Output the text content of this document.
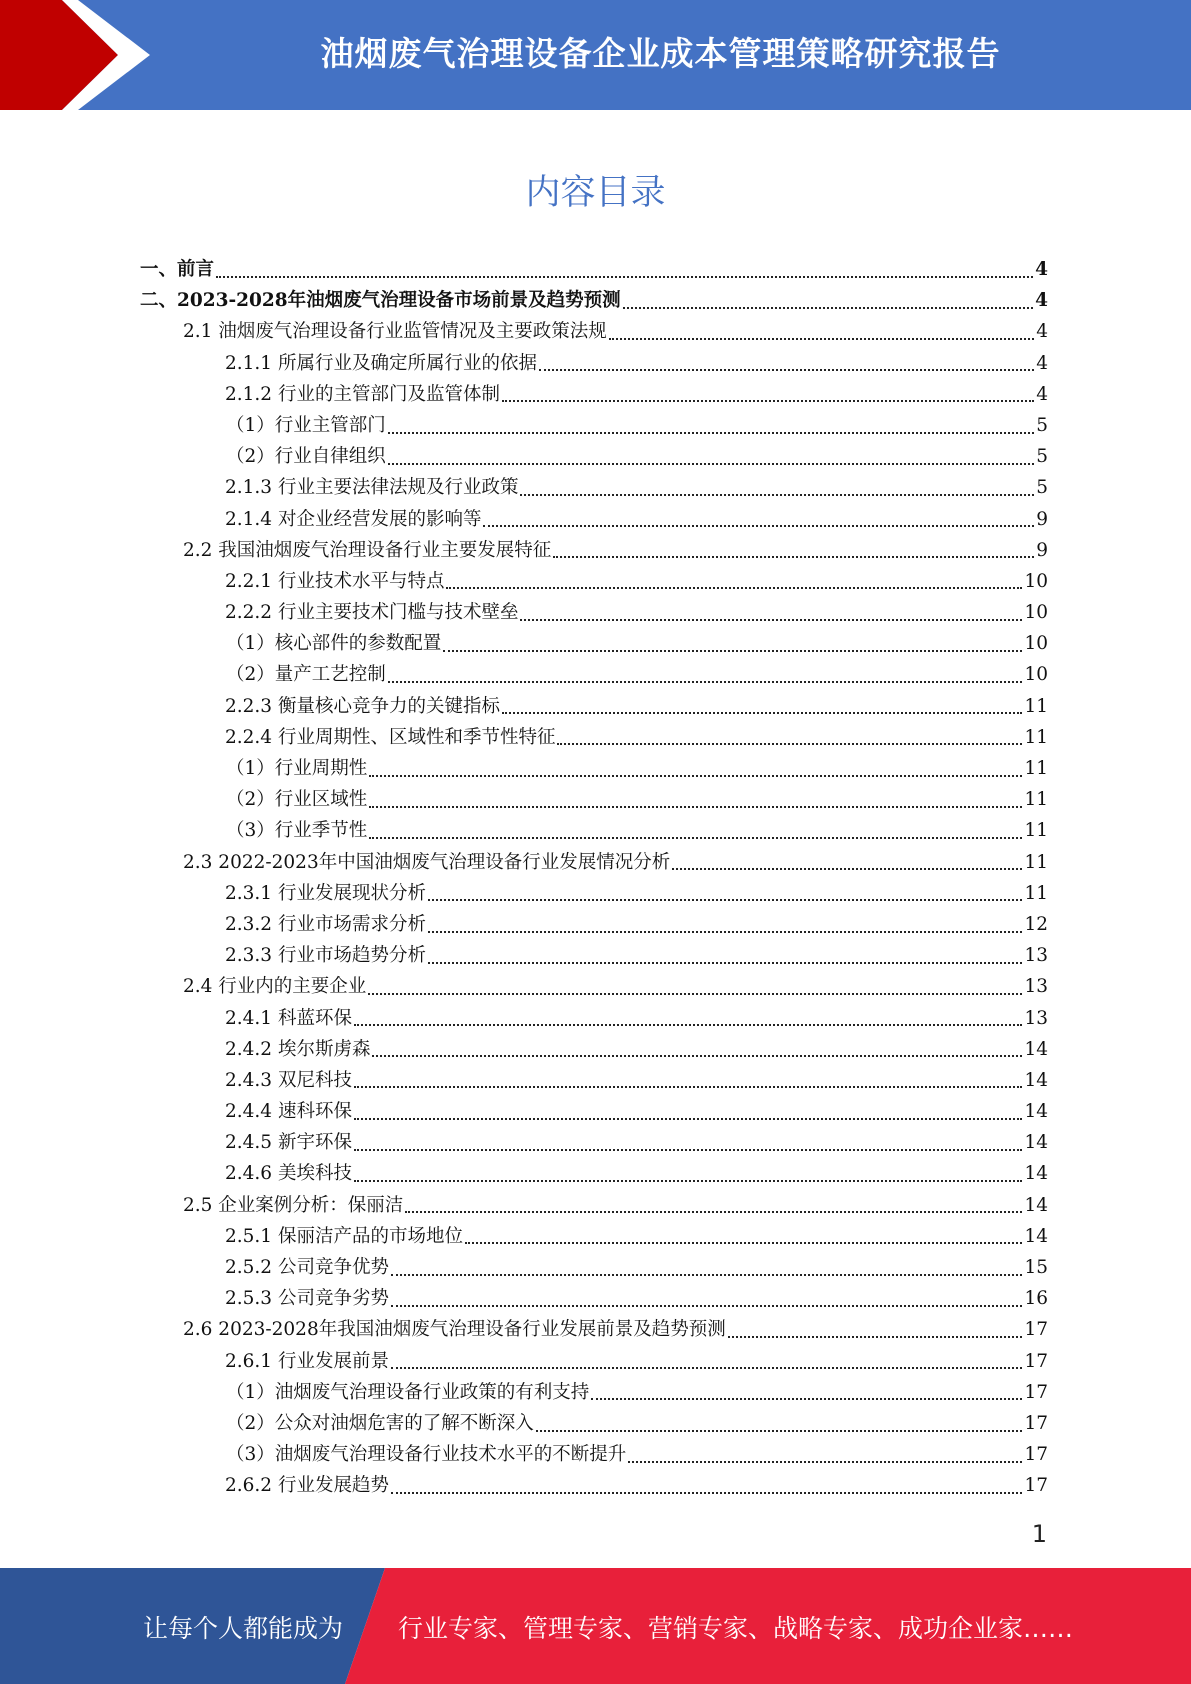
油烟废气治理设备企业成本管理策略研究报告
内容目录
一、前言	4
二、2023-2028年油烟废气治理设备市场前景及趋势预测	4
2.1 油烟废气治理设备行业监管情况及主要政策法规	4
2.1.1 所属行业及确定所属行业的依据	4
2.1.2 行业的主管部门及监管体制	4
（1）行业主管部门	5
（2）行业自律组织	5
2.1.3 行业主要法律法规及行业政策	5
2.1.4 对企业经营发展的影响等	9
2.2 我国油烟废气治理设备行业主要发展特征	9
2.2.1 行业技术水平与特点	10
2.2.2 行业主要技术门槛与技术壁垒	10
（1）核心部件的参数配置	10
（2）量产工艺控制	10
2.2.3 衡量核心竞争力的关键指标	11
2.2.4 行业周期性、区域性和季节性特征	11
（1）行业周期性	11
（2）行业区域性	11
（3）行业季节性	11
2.3 2022-2023年中国油烟废气治理设备行业发展情况分析	11
2.3.1 行业发展现状分析	11
2.3.2 行业市场需求分析	12
2.3.3 行业市场趋势分析	13
2.4 行业内的主要企业	13
2.4.1 科蓝环保	13
2.4.2 埃尔斯虏森	14
2.4.3 双尼科技	14
2.4.4 速科环保	14
2.4.5 新宇环保	14
2.4.6 美埃科技	14
2.5 企业案例分析：保丽洁	14
2.5.1 保丽洁产品的市场地位	14
2.5.2 公司竞争优势	15
2.5.3 公司竞争劣势	16
2.6 2023-2028年我国油烟废气治理设备行业发展前景及趋势预测	17
2.6.1 行业发展前景	17
（1）油烟废气治理设备行业政策的有利支持	17
（2）公众对油烟危害的了解不断深入	17
（3）油烟废气治理设备行业技术水平的不断提升	17
2.6.2 行业发展趋势	17
1
让每个人都能成为 行业专家、管理专家、营销专家、战略专家、成功企业家……
